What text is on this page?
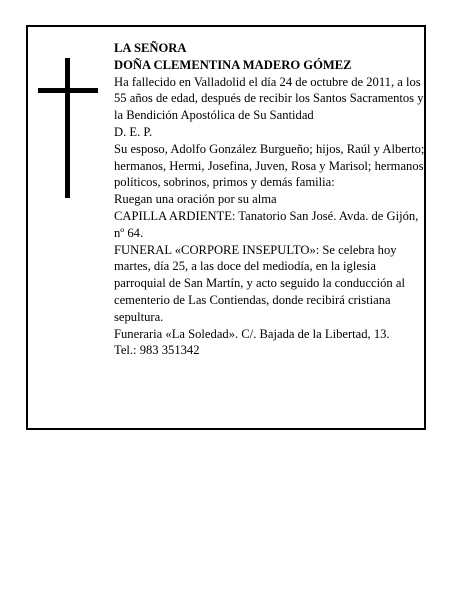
LA SEÑORA

DOÑA CLEMENTINA MADERO GÓMEZ

Ha fallecido en Valladolid el día 24 de octubre de 2011, a los 55 años de edad, después de recibir los Santos Sacramentos y la Bendición Apostólica de Su Santidad

D. E. P.

Su esposo, Adolfo González Burgueño; hijos, Raúl y Alberto; hermanos, Hermi, Josefina, Juven, Rosa y Marisol; hermanos políticos, sobrinos, primos y demás familia:

Ruegan una oración por su alma

CAPILLA ARDIENTE: Tanatorio San José. Avda. de Gijón, nº 64.

FUNERAL «CORPORE INSEPULTO»: Se celebra hoy martes, día 25, a las doce del mediodía, en la iglesia parroquial de San Martín, y acto seguido la conducción al cementerio de Las Contiendas, donde recibirá cristiana sepultura.

Funeraria «La Soledad». C/. Bajada de la Libertad, 13.

Tel.: 983 351342
